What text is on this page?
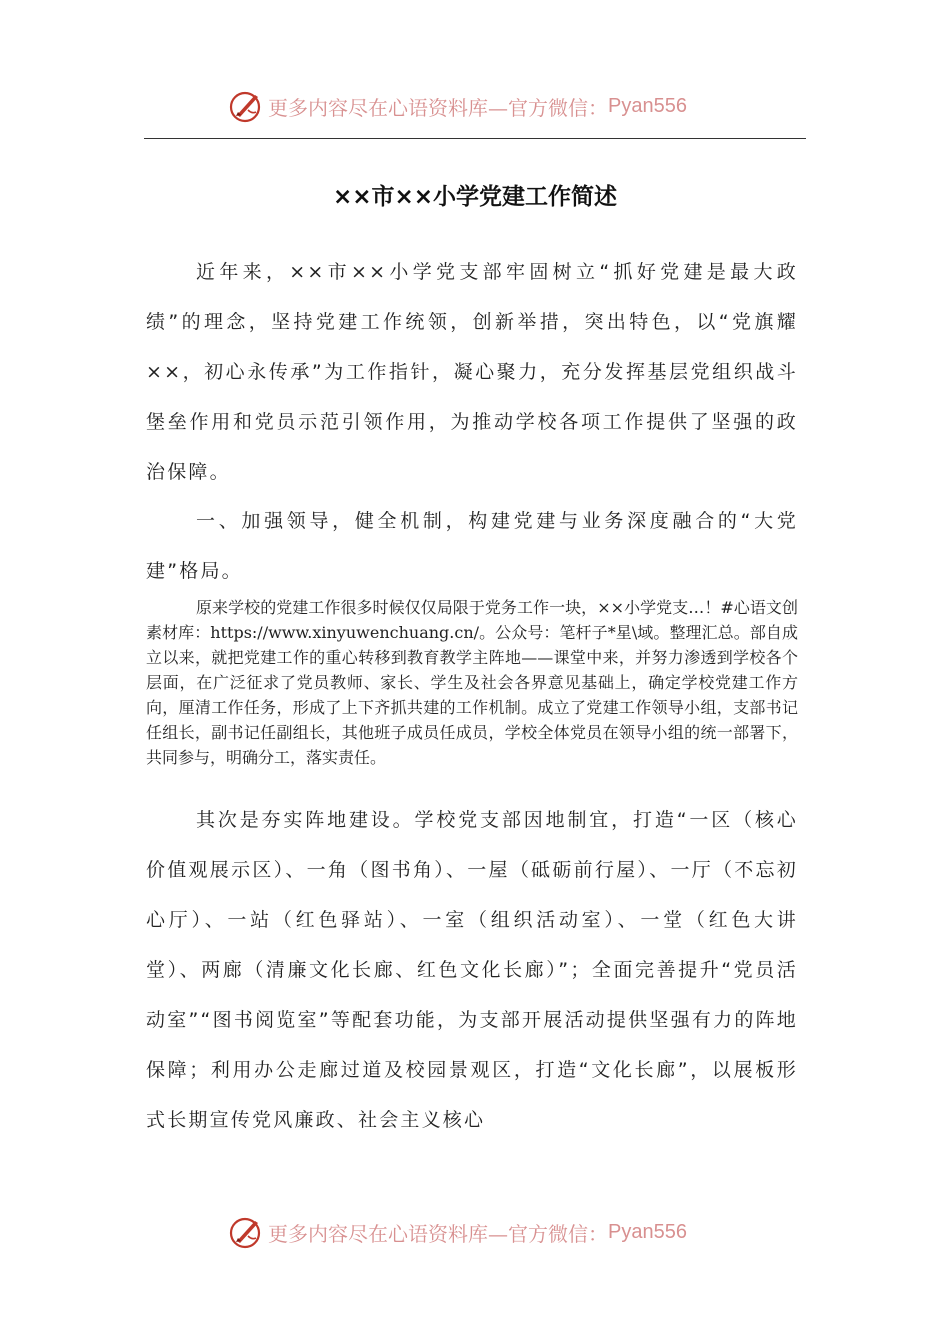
更多内容尽在心语资料库—官方微信： Pyan556
××市××小学党建工作简述

近年来，××市××小学党支部牢固树立“抓好党建是最大政绩”的理念，坚持党建工作统领，创新举措，突出特色，以“党旗耀××，初心永传承”为工作指针，凝心聚力，充分发挥基层党组织战斗堡垒作用和党员示范引领作用，为推动学校各项工作提供了坚强的政治保障。

一、加强领导，健全机制，构建党建与业务深度融合的“大党建”格局。

原来学校的党建工作很多时候仅仅局限于党务工作一块，××小学党支…！#心语文创素材库：https://www.xinyuwenchuang.cn/。公众号：笔杆子*星\域。整理汇总。部自成立以来，就把党建工作的重心转移到教育教学主阵地——课堂中来，并努力渗透到学校各个层面，在广泛征求了党员教师、家长、学生及社会各界意见基础上，确定学校党建工作方向，厘清工作任务，形成了上下齐抓共建的工作机制。成立了党建工作领导小组，支部书记任组长，副书记任副组长，其他班子成员任成员，学校全体党员在领导小组的统一部署下，共同参与，明确分工，落实责任。

其次是夯实阵地建设。学校党支部因地制宜，打造“一区（核心价值观展示区）、一角（图书角）、一屋（砥砺前行屋）、一厅（不忘初心厅）、一站（红色驿站）、一室（组织活动室）、一堂（红色大讲堂）、两廊（清廉文化长廊、红色文化长廊）”；全面完善提升“党员活动室”“图书阅览室”等配套功能，为支部开展活动提供坚强有力的阵地保障；利用办公走廊过道及校园景观区，打造“文化长廊”，以展板形式长期宣传党风廉政、社会主义核心

更多内容尽在心语资料库—官方微信： Pyan556
